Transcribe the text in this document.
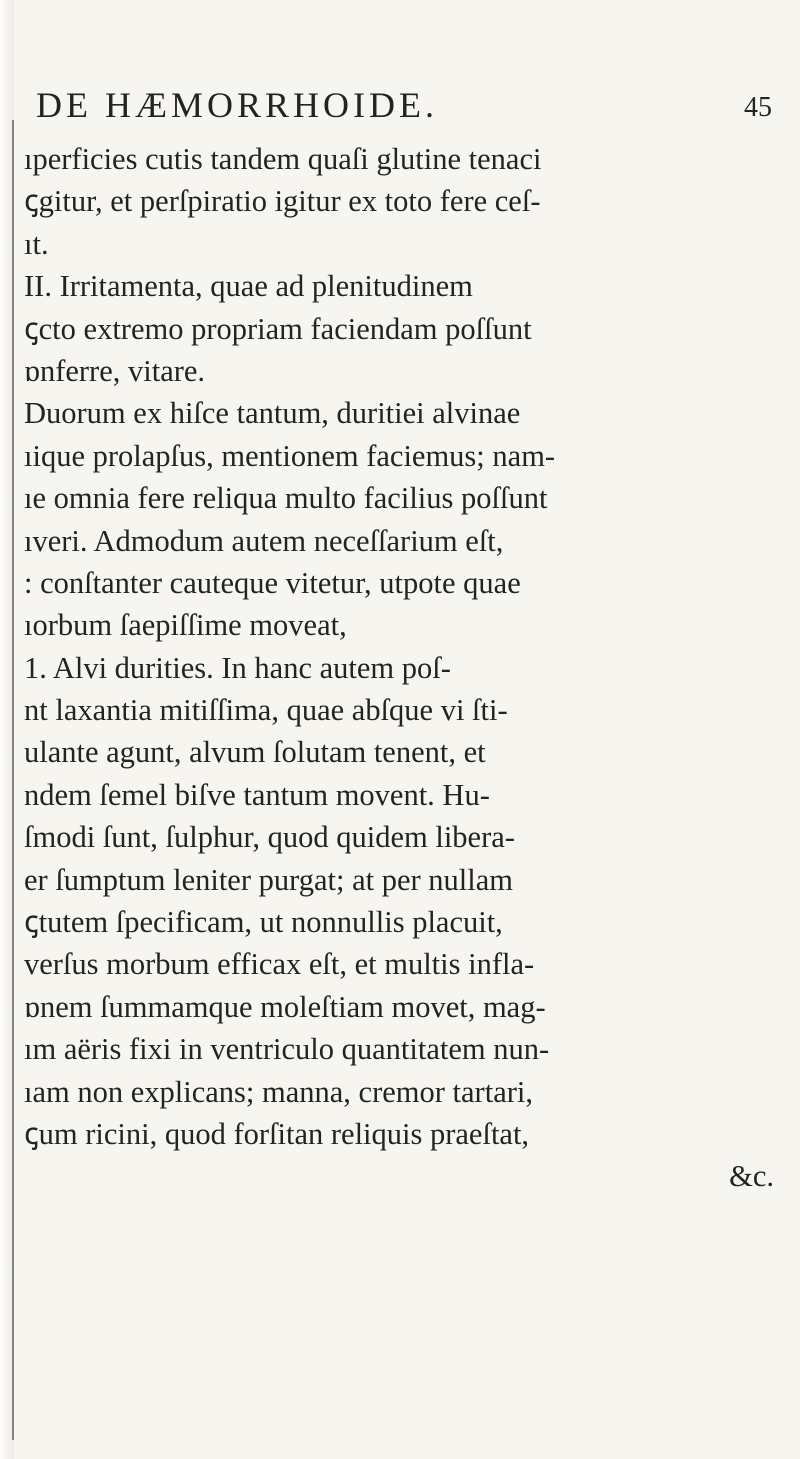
DE HÆMORRHOIDE.	45
ıperficies cutis tandem quaſi glutine tenaci
ꞔgitur, et perſpiratio igitur ex toto fere ceſ-
ıt.
II. Irritamenta, quae ad plenitudinem
ꞔcto extremo propriam faciendam poſſunt
ɒnferre, vitare.
Duorum ex hiſce tantum, duritiei alvinae
ıique prolapſus, mentionem faciemus; nam-
ıe omnia fere reliqua multo facilius poſſunt
ıveri. Admodum autem neceſſarium eſt,
: conſtanter cauteque vitetur, utpote quae
ıorbum ſaepiſſime moveat,
1. Alvi durities. In hanc autem poſ-
nt laxantia mitiſſima, quae abſque vi ſti-
ulante agunt, alvum ſolutam tenent, et
ndem ſemel biſve tantum movent. Hu-
ſmodi ſunt, ſulphur, quod quidem libera-
er ſumptum leniter purgat; at per nullam
ꞔtutem ſpecificam, ut nonnullis placuit,
verſus morbum efficax eſt, et multis infla-
ɒnem ſummamque moleſtiam movet, mag-
ım aëris fixi in ventriculo quantitatem nun-
ıam non explicans; manna, cremor tartari,
ꞔum ricini, quod forſitan reliquis praeſtat,
&c.
